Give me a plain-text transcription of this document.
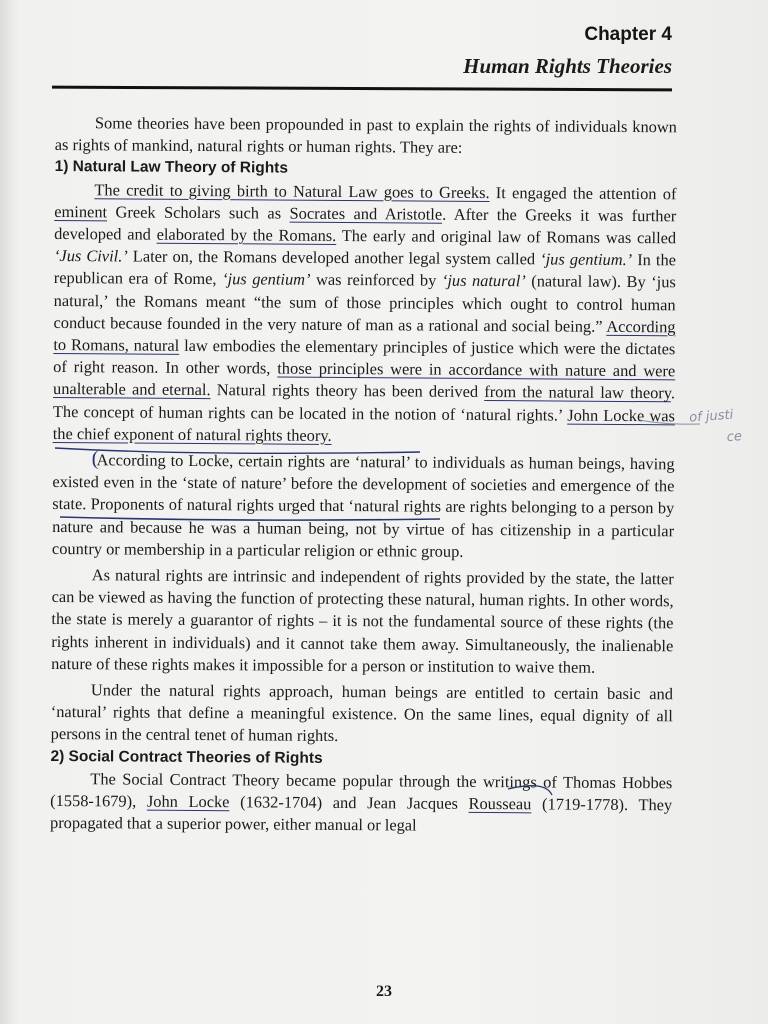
Chapter 4
Human Rights Theories

Some theories have been propounded in past to explain the rights of individuals known as rights of mankind, natural rights or human rights. They are:

1) Natural Law Theory of Rights

The credit to giving birth to Natural Law goes to Greeks. It engaged the attention of eminent Greek Scholars such as Socrates and Aristotle. After the Greeks it was further developed and elaborated by the Romans. The early and original law of Romans was called ‘Jus Civil.’ Later on, the Romans developed another legal system called ‘jus gentium.’ In the republican era of Rome, ‘jus gentium’ was reinforced by ‘jus natural’ (natural law). By ‘jus natural,’ the Romans meant “the sum of those principles which ought to control human conduct because founded in the very nature of man as a rational and social being.” According to Romans, natural law embodies the elementary principles of justice which were the dictates of right reason. In other words, those principles were in accordance with nature and were unalterable and eternal. Natural rights theory has been derived from the natural law theory. The concept of human rights can be located in the notion of ‘natural rights.’ John Locke was the chief exponent of natural rights theory.

According to Locke, certain rights are ‘natural’ to individuals as human beings, having existed even in the ‘state of nature’ before the development of societies and emergence of the state. Proponents of natural rights urged that ‘natural rights are rights belonging to a person by nature and because he was a human being, not by virtue of has citizenship in a particular country or membership in a particular religion or ethnic group.

As natural rights are intrinsic and independent of rights provided by the state, the latter can be viewed as having the function of protecting these natural, human rights. In other words, the state is merely a guarantor of rights – it is not the fundamental source of these rights (the rights inherent in individuals) and it cannot take them away. Simultaneously, the inalienable nature of these rights makes it impossible for a person or institution to waive them.

Under the natural rights approach, human beings are entitled to certain basic and ‘natural’ rights that define a meaningful existence. On the same lines, equal dignity of all persons in the central tenet of human rights.

2) Social Contract Theories of Rights

The Social Contract Theory became popular through the writings of Thomas Hobbes (1558-1679), John Locke (1632-1704) and Jean Jacques Rousseau (1719-1778). They propagated that a superior power, either manual or legal

of justi
ce
23
